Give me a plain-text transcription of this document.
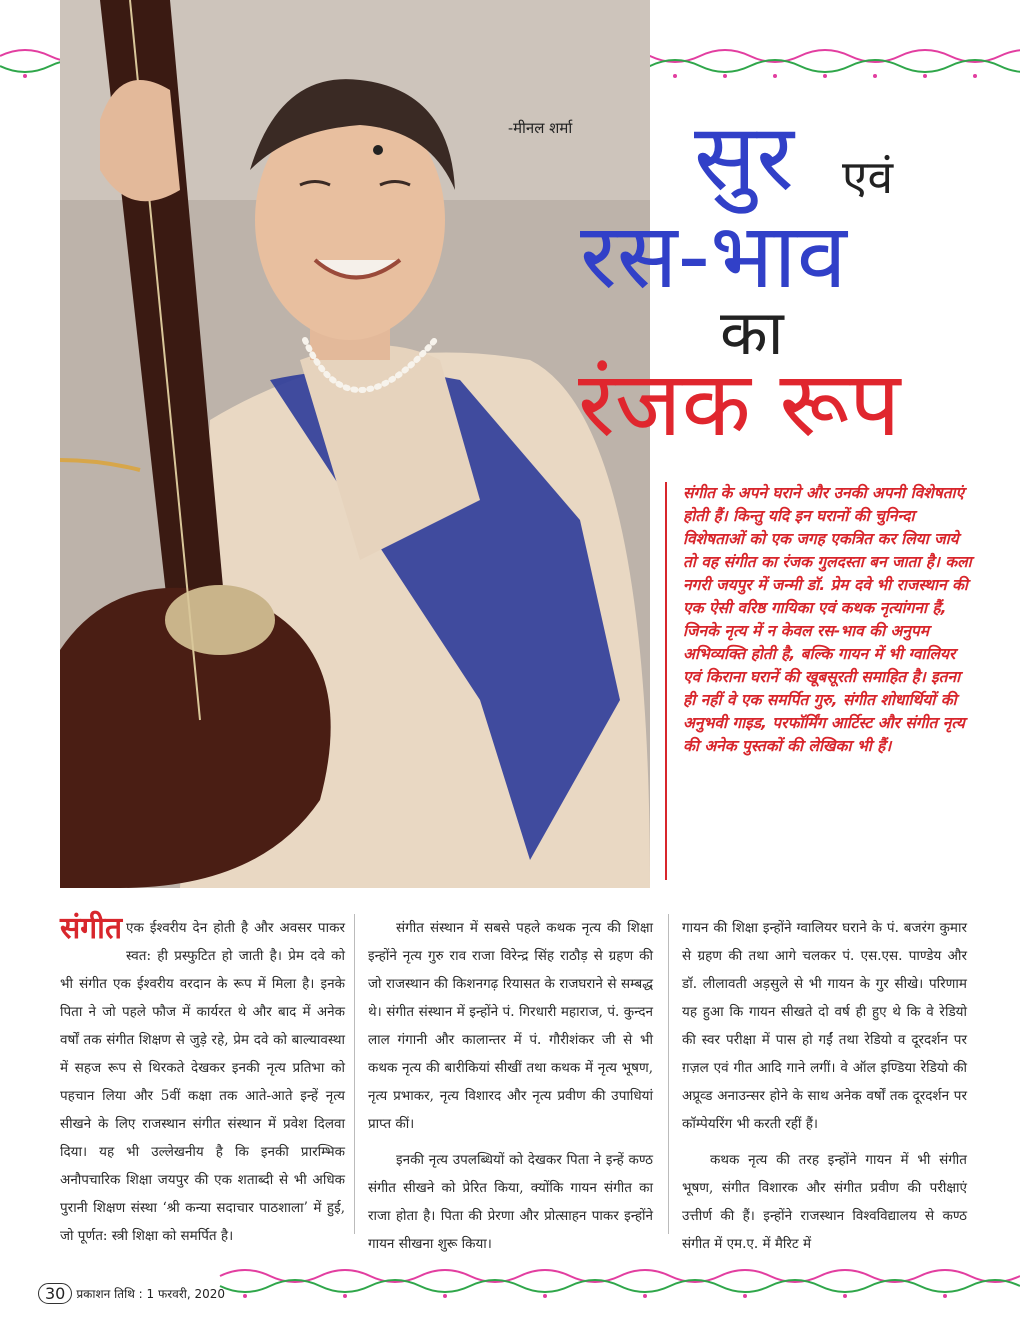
-मीनल शर्मा सुर एवं
रस-भाव
का
रंजक रूप
संगीत के अपने घराने और उनकी अपनी विशेषताएं होती हैं। किन्तु यदि इन घरानों की चुनिन्दा विशेषताओं को एक जगह एकत्रित कर लिया जाये तो वह संगीत का रंजक गुलदस्ता बन जाता है। कला नगरी जयपुर में जन्मी डॉ. प्रेम दवे भी राजस्थान की एक ऐसी वरिष्ठ गायिका एवं कथक नृत्यांगना हैं, जिनके नृत्य में न केवल रस-भाव की अनुपम अभिव्यक्ति होती है, बल्कि गायन में भी ग्वालियर एवं किराना घरानें की खूबसूरती समाहित है। इतना ही नहीं वे एक समर्पित गुरु, संगीत शोधार्थियों की अनुभवी गाइड, परफॉर्मिंग आर्टिस्ट और संगीत नृत्य की अनेक पुस्तकों की लेखिका भी हैं।

संगीत एक ईश्वरीय देन होती है और अवसर पाकर स्वत: ही प्रस्फुटित हो जाती है। प्रेम दवे को भी संगीत एक ईश्वरीय वरदान के रूप में मिला है। इनके पिता ने जो पहले फौज में कार्यरत थे और बाद में अनेक वर्षों तक संगीत शिक्षण से जुड़े रहे, प्रेम दवे को बाल्यावस्था में सहज रूप से थिरकते देखकर इनकी नृत्य प्रतिभा को पहचान लिया और 5वीं कक्षा तक आते-आते इन्हें नृत्य सीखने के लिए राजस्थान संगीत संस्थान में प्रवेश दिलवा दिया। यह भी उल्लेखनीय है कि इनकी प्रारम्भिक अनौपचारिक शिक्षा जयपुर की एक शताब्दी से भी अधिक पुरानी शिक्षण संस्था ‘श्री कन्या सदाचार पाठशाला’ में हुई, जो पूर्णत: स्त्री शिक्षा को समर्पित है।

संगीत संस्थान में सबसे पहले कथक नृत्य की शिक्षा इन्होंने नृत्य गुरु राव राजा विरेन्द्र सिंह राठौड़ से ग्रहण की जो राजस्थान की किशनगढ़ रियासत के राजघराने से सम्बद्ध थे। संगीत संस्थान में इन्होंने पं. गिरधारी महाराज, पं. कुन्दन लाल गंगानी और कालान्तर में पं. गौरीशंकर जी से भी कथक नृत्य की बारीकियां सीखीं तथा कथक में नृत्य भूषण, नृत्य प्रभाकर, नृत्य विशारद और नृत्य प्रवीण की उपाधियां प्राप्त कीं।

इनकी नृत्य उपलब्धियों को देखकर पिता ने इन्हें कण्ठ संगीत सीखने को प्रेरित किया, क्योंकि गायन संगीत का राजा होता है। पिता की प्रेरणा और प्रोत्साहन पाकर इन्होंने गायन सीखना शुरू किया।

गायन की शिक्षा इन्होंने ग्वालियर घराने के पं. बजरंग कुमार से ग्रहण की तथा आगे चलकर पं. एस.एस. पाण्डेय और डॉ. लीलावती अड़सुले से भी गायन के गुर सीखे। परिणाम यह हुआ कि गायन सीखते दो वर्ष ही हुए थे कि वे रेडियो की स्वर परीक्षा में पास हो गईं तथा रेडियो व दूरदर्शन पर ग़ज़ल एवं गीत आदि गाने लगीं। वे ऑल इण्डिया रेडियो की अप्रूव्ड अनाउन्सर होने के साथ अनेक वर्षों तक दूरदर्शन पर कॉम्पेयरिंग भी करती रहीं हैं।

कथक नृत्य की तरह इन्होंने गायन में भी संगीत भूषण, संगीत विशारक और संगीत प्रवीण की परीक्षाएं उत्तीर्ण की हैं। इन्होंने राजस्थान विश्वविद्यालय से कण्ठ संगीत में एम.ए. में मैरिट में

30 प्रकाशन तिथि : 1 फरवरी, 2020
